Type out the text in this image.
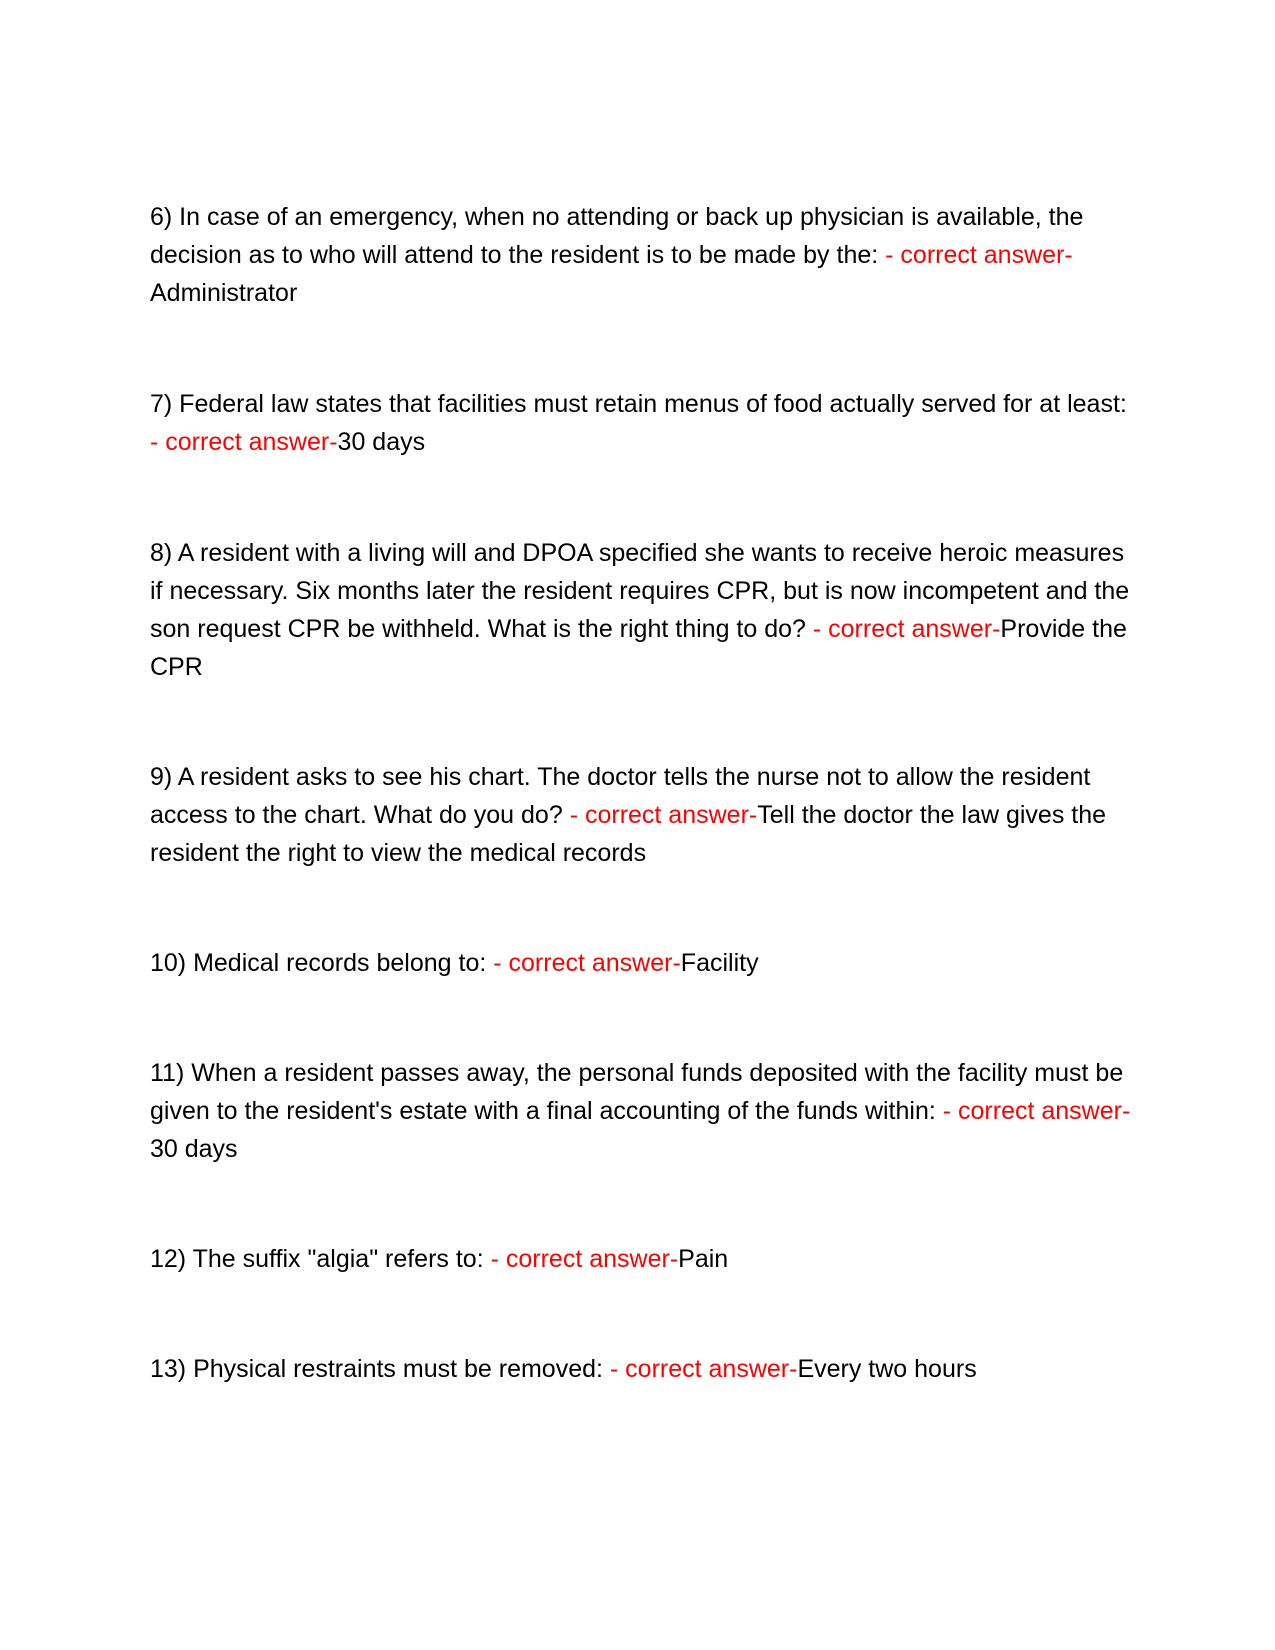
6) In case of an emergency, when no attending or back up physician is available, the decision as to who will attend to the resident is to be made by the: - correct answer-Administrator
7) Federal law states that facilities must retain menus of food actually served for at least: - correct answer-30 days
8) A resident with a living will and DPOA specified she wants to receive heroic measures if necessary. Six months later the resident requires CPR, but is now incompetent and the son request CPR be withheld. What is the right thing to do? - correct answer-Provide the CPR
9) A resident asks to see his chart. The doctor tells the nurse not to allow the resident access to the chart. What do you do? - correct answer-Tell the doctor the law gives the resident the right to view the medical records
10) Medical records belong to: - correct answer-Facility
11) When a resident passes away, the personal funds deposited with the facility must be given to the resident's estate with a final accounting of the funds within: - correct answer-30 days
12) The suffix "algia" refers to: - correct answer-Pain
13) Physical restraints must be removed: - correct answer-Every two hours
